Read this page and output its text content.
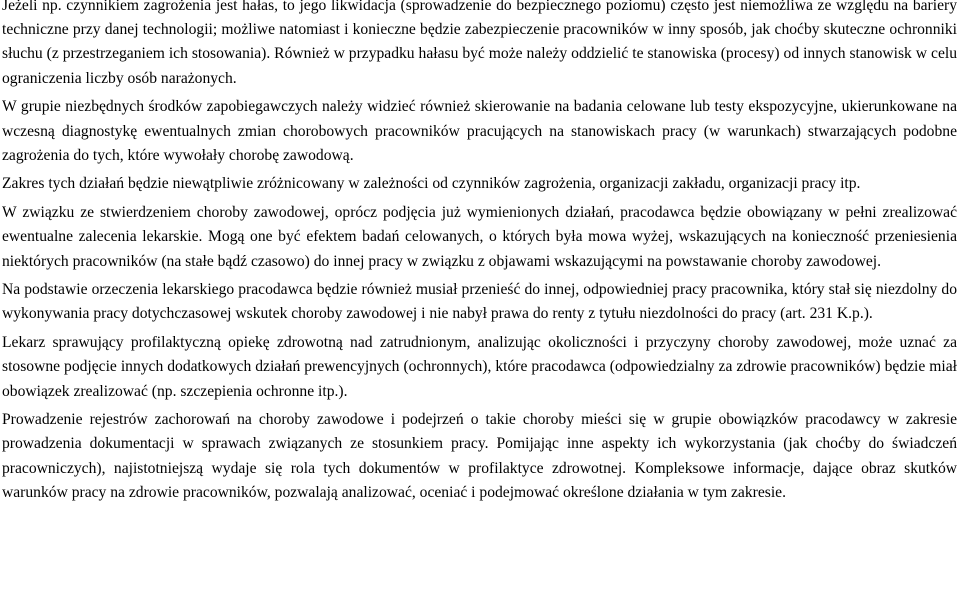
Jeżeli np. czynnikiem zagrożenia jest hałas, to jego likwidacja (sprowadzenie do bezpiecznego poziomu) często jest niemożliwa ze względu na bariery techniczne przy danej technologii; możliwe natomiast i konieczne będzie zabezpieczenie pracowników w inny sposób, jak choćby skuteczne ochronniki słuchu (z przestrzeganiem ich stosowania). Również w przypadku hałasu być może należy oddzielić te stanowiska (procesy) od innych stanowisk w celu ograniczenia liczby osób narażonych.

W grupie niezbędnych środków zapobiegawczych należy widzieć również skierowanie na badania celowane lub testy ekspozycyjne, ukierunkowane na wczesną diagnostykę ewentualnych zmian chorobowych pracowników pracujących na stanowiskach pracy (w warunkach) stwarzających podobne zagrożenia do tych, które wywołały chorobę zawodową.

Zakres tych działań będzie niewątpliwie zróżnicowany w zależności od czynników zagrożenia, organizacji zakładu, organizacji pracy itp.

W związku ze stwierdzeniem choroby zawodowej, oprócz podjęcia już wymienionych działań, pracodawca będzie obowiązany w pełni zrealizować ewentualne zalecenia lekarskie. Mogą one być efektem badań celowanych, o których była mowa wyżej, wskazujących na konieczność przeniesienia niektórych pracowników (na stałe bądź czasowo) do innej pracy w związku z objawami wskazującymi na powstawanie choroby zawodowej.

Na podstawie orzeczenia lekarskiego pracodawca będzie również musiał przenieść do innej, odpowiedniej pracy pracownika, który stał się niezdolny do wykonywania pracy dotychczasowej wskutek choroby zawodowej i nie nabył prawa do renty z tytułu niezdolności do pracy (art. 231 K.p.).

Lekarz sprawujący profilaktyczną opiekę zdrowotną nad zatrudnionym, analizując okoliczności i przyczyny choroby zawodowej, może uznać za stosowne podjęcie innych dodatkowych działań prewencyjnych (ochronnych), które pracodawca (odpowiedzialny za zdrowie pracowników) będzie miał obowiązek zrealizować (np. szczepienia ochronne itp.).

Prowadzenie rejestrów zachorowań na choroby zawodowe i podejrzeń o takie choroby mieści się w grupie obowiązków pracodawcy w zakresie prowadzenia dokumentacji w sprawach związanych ze stosunkiem pracy. Pomijając inne aspekty ich wykorzystania (jak choćby do świadczeń pracowniczych), najistotniejszą wydaje się rola tych dokumentów w profilaktyce zdrowotnej. Kompleksowe informacje, dające obraz skutków warunków pracy na zdrowie pracowników, pozwalają analizować, oceniać i podejmować określone działania w tym zakresie.
